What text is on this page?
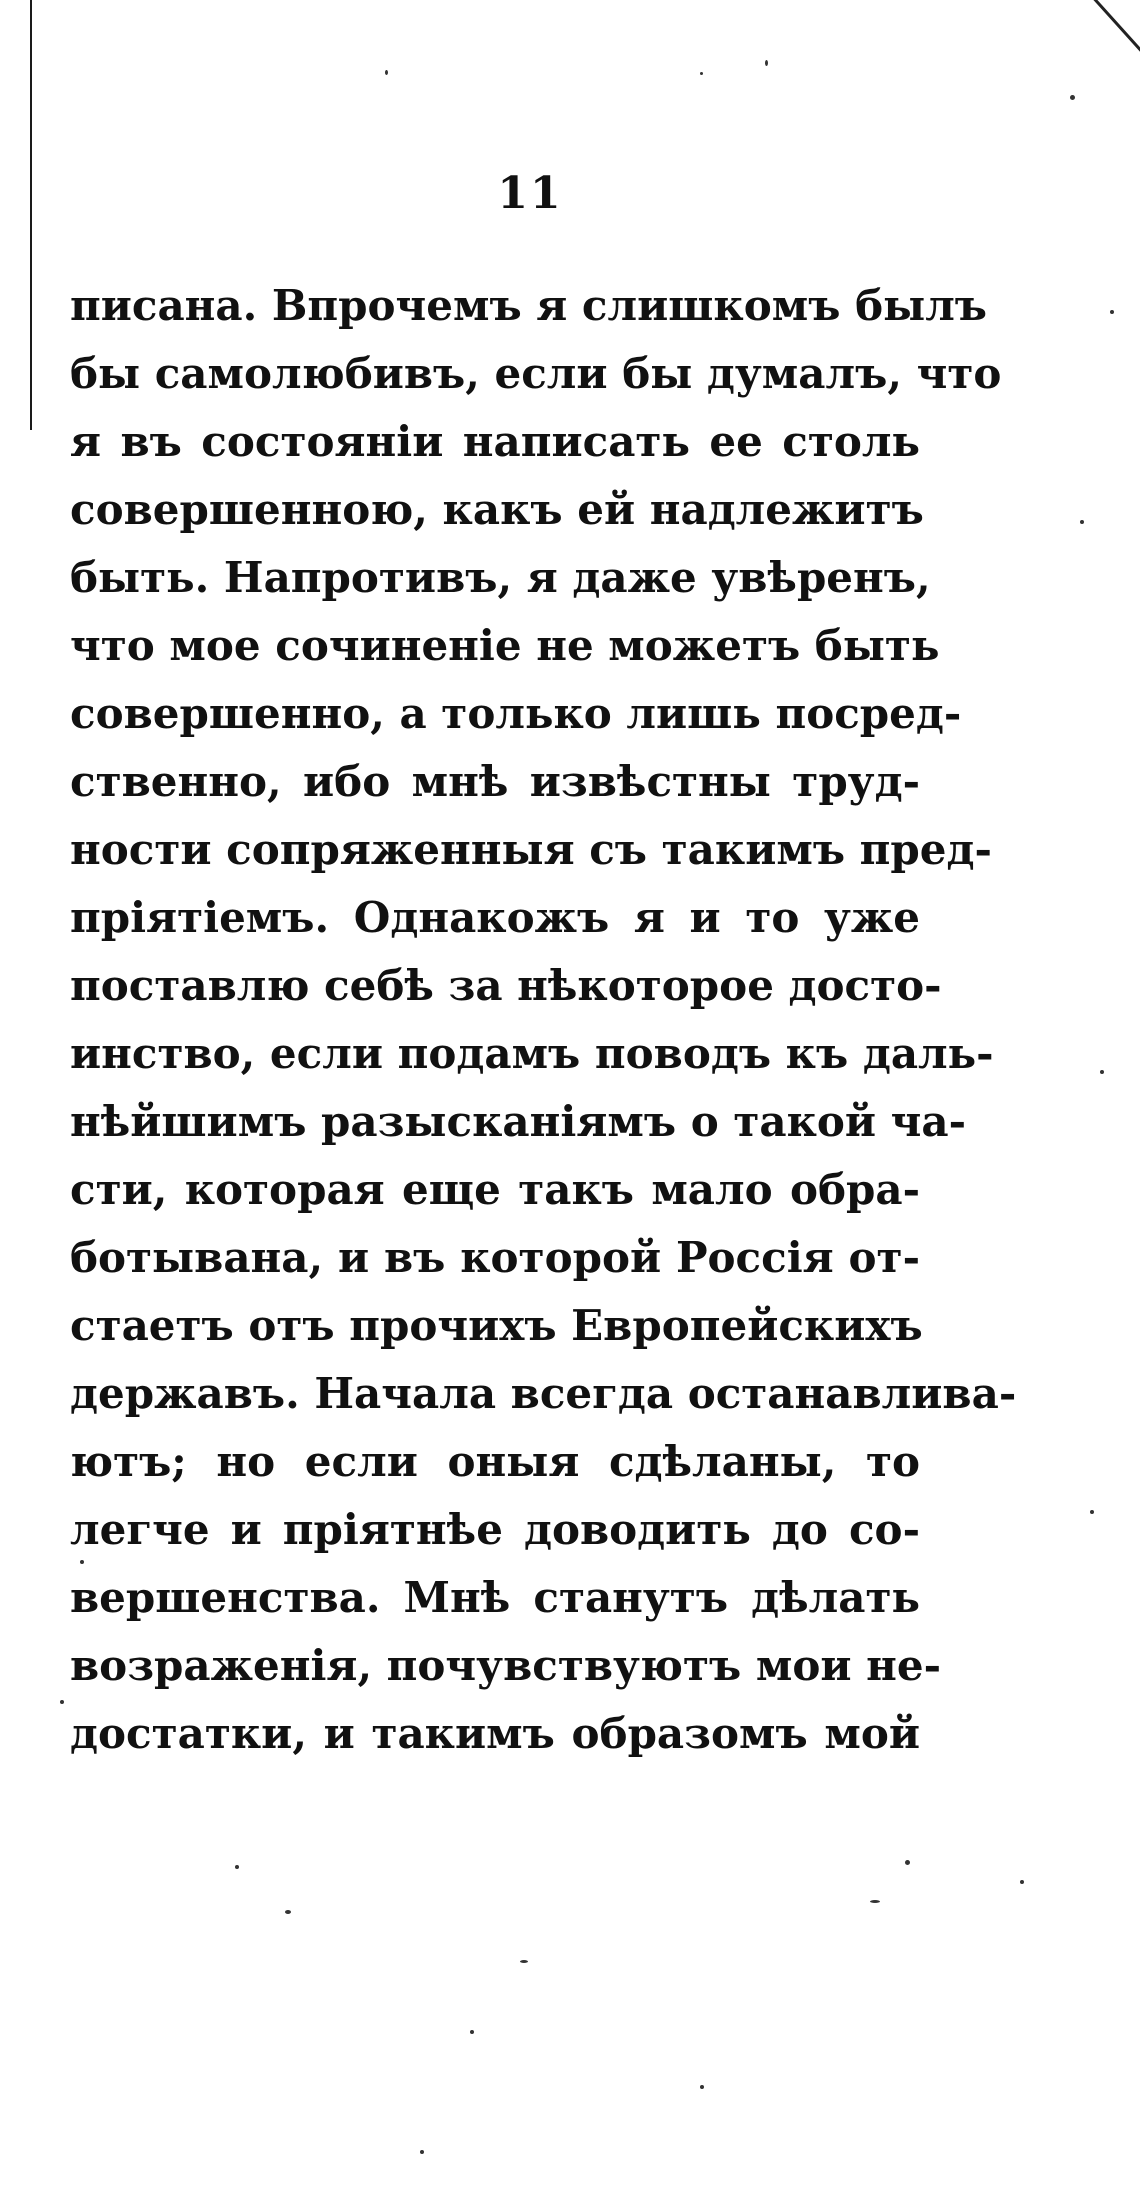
11
писана. Впрочемъ я слишкомъ былъ
бы самолюбивъ, если бы думалъ, что
я въ состоянiи написать ее столь
совершенною, какъ ей надлежитъ
быть. Напротивъ, я даже увѣренъ,
что мое сочиненiе не можетъ быть
совершенно, а только лишь посред-
ственно, ибо мнѣ извѣстны труд-
ности сопряженныя съ такимъ пред-
прiятiемъ. Однакожъ я и то уже
поставлю себѣ за нѣкоторое досто-
инство, если подамъ поводъ къ даль-
нѣйшимъ разысканiямъ о такой ча-
сти, которая еще такъ мало обра-
ботывана, и въ которой Россiя от-
стаетъ отъ прочихъ Европейскихъ
державъ. Начала всегда останавлива-
ютъ; но если оныя сдѣланы, то
легче и прiятнѣе доводить до со-
вершенства. Мнѣ станутъ дѣлать
возраженiя, почувствуютъ мои не-
достатки, и такимъ образомъ мой
